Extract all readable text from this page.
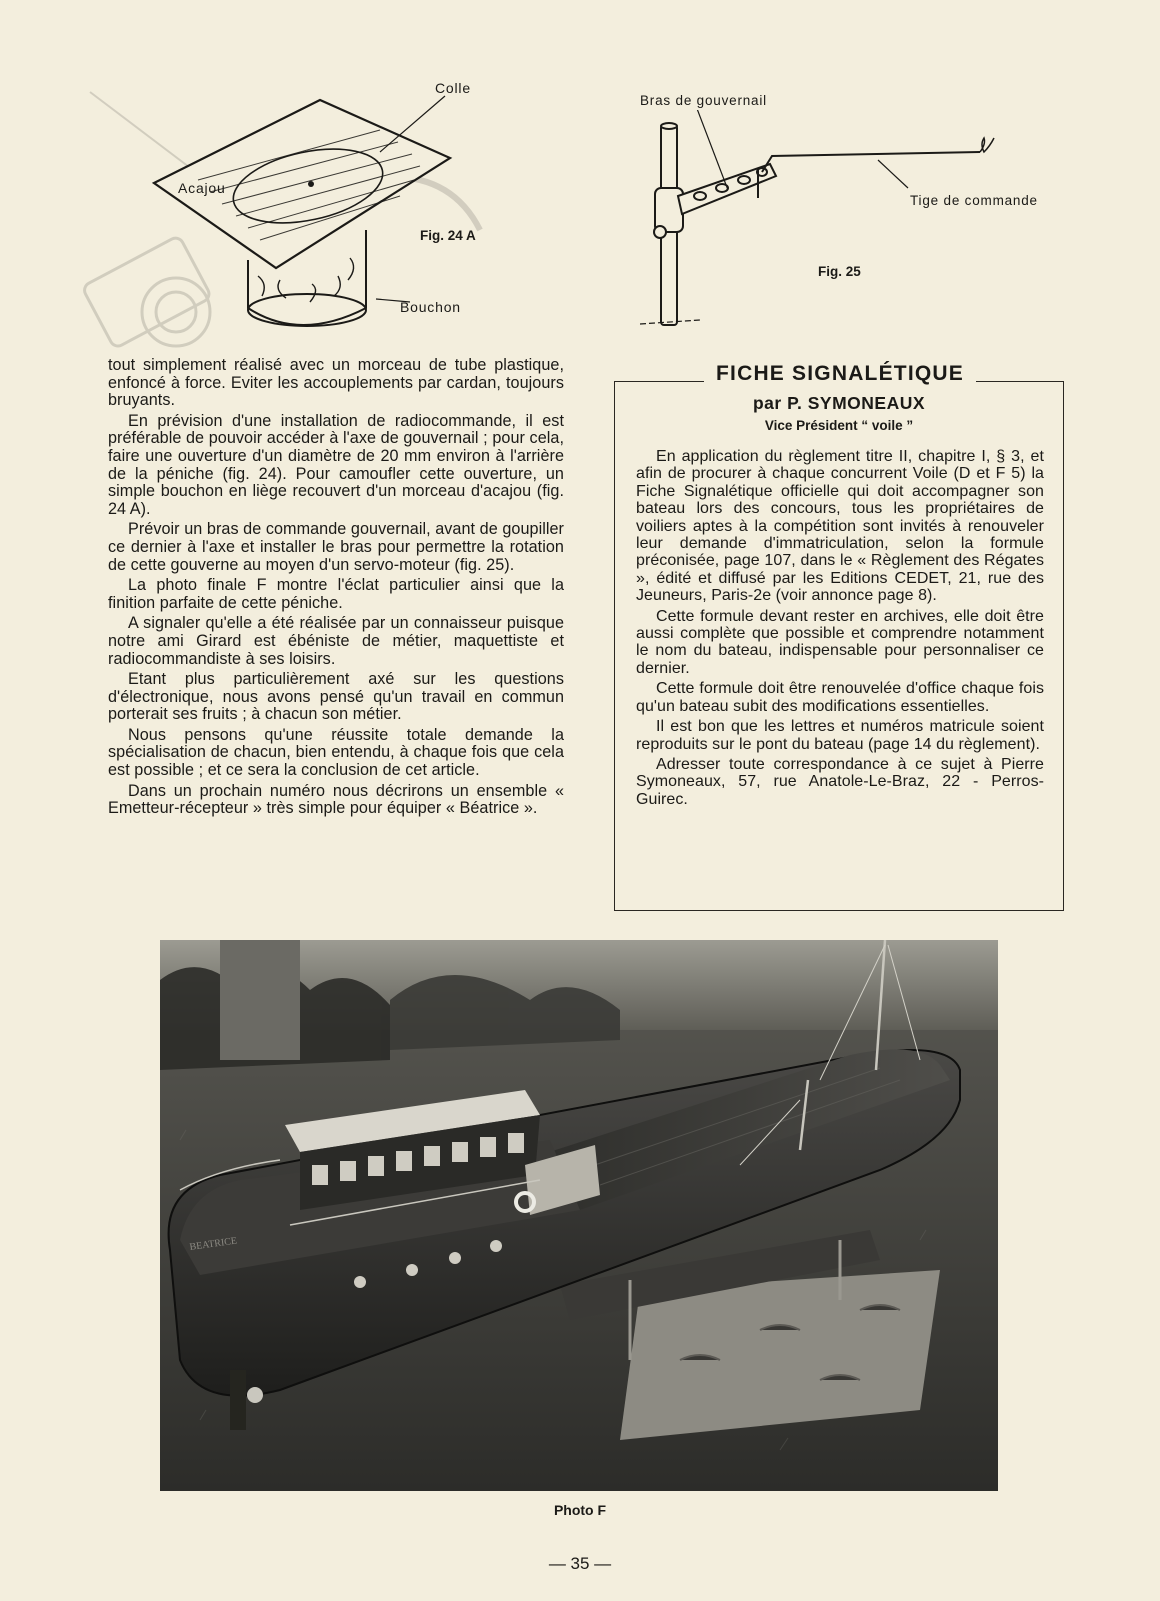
Colle
Acajou
Bouchon
Fig. 24 A
Bras de gouvernail
Tige de commande
Fig. 25

tout simplement réalisé avec un morceau de tube plastique, enfoncé à force. Eviter les accouplements par cardan, toujours bruyants.

En prévision d'une installation de radiocommande, il est préférable de pouvoir accéder à l'axe de gouvernail ; pour cela, faire une ouverture d'un diamètre de 20 mm environ à l'arrière de la péniche (fig. 24). Pour camoufler cette ouverture, un simple bouchon en liège recouvert d'un morceau d'acajou (fig. 24 A).

Prévoir un bras de commande gouvernail, avant de goupiller ce dernier à l'axe et installer le bras pour permettre la rotation de cette gouverne au moyen d'un servo-moteur (fig. 25).

La photo finale F montre l'éclat particulier ainsi que la finition parfaite de cette péniche.

A signaler qu'elle a été réalisée par un connaisseur puisque notre ami Girard est ébéniste de métier, maquettiste et radiocommandiste à ses loisirs.

Etant plus particulièrement axé sur les questions d'électronique, nous avons pensé qu'un travail en commun porterait ses fruits ; à chacun son métier.

Nous pensons qu'une réussite totale demande la spécialisation de chacun, bien entendu, à chaque fois que cela est possible ; et ce sera la conclusion de cet article.

Dans un prochain numéro nous décrirons un ensemble « Emetteur-récepteur » très simple pour équiper « Béatrice ».

FICHE SIGNALÉTIQUE
par P. SYMONEAUX
Vice Président “ voile ”

En application du règlement titre II, chapitre I, § 3, et afin de procurer à chaque concurrent Voile (D et F 5) la Fiche Signalétique officielle qui doit accompagner son bateau lors des concours, tous les propriétaires de voiliers aptes à la compétition sont invités à renouveler leur demande d'immatriculation, selon la formule préconisée, page 107, dans le « Règlement des Régates », édité et diffusé par les Editions CEDET, 21, rue des Jeuneurs, Paris-2e (voir annonce page 8).

Cette formule devant rester en archives, elle doit être aussi complète que possible et comprendre notamment le nom du bateau, indispensable pour personnaliser ce dernier.

Cette formule doit être renouvelée d'office chaque fois qu'un bateau subit des modifications essentielles.

Il est bon que les lettres et numéros matricule soient reproduits sur le pont du bateau (page 14 du règlement).

Adresser toute correspondance à ce sujet à Pierre Symoneaux, 57, rue Anatole-Le-Braz, 22 - Perros-Guirec.

BEATRICE
Photo F
— 35 —
